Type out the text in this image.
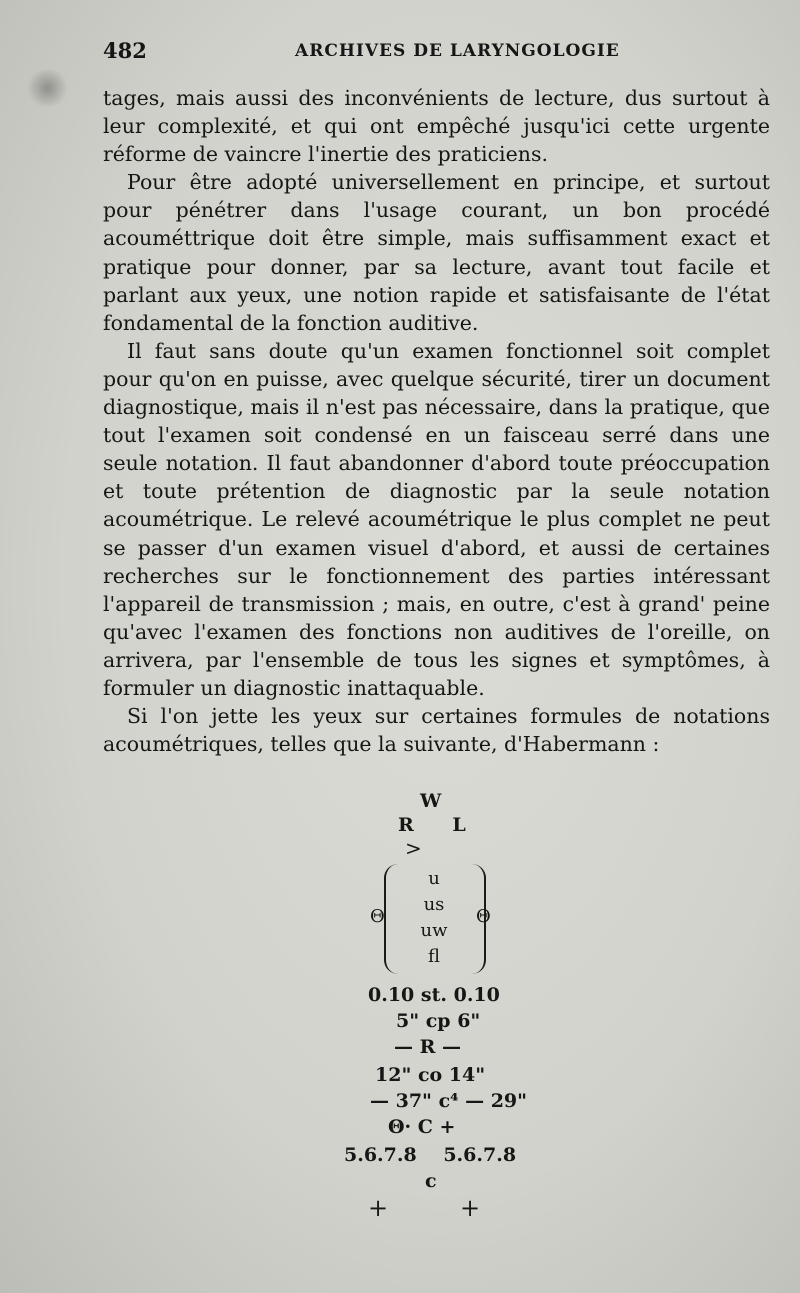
482	ARCHIVES DE LARYNGOLOGIE

tages, mais aussi des inconvénients de lecture, dus surtout à leur complexité, et qui ont empêché jusqu'ici cette urgente réforme de vaincre l'inertie des praticiens.

Pour être adopté universellement en principe, et surtout pour pénétrer dans l'usage courant, un bon procédé acouméttrique doit être simple, mais suffisamment exact et pratique pour donner, par sa lecture, avant tout facile et parlant aux yeux, une notion rapide et satisfaisante de l'état fondamental de la fonction auditive.

Il faut sans doute qu'un examen fonctionnel soit complet pour qu'on en puisse, avec quelque sécurité, tirer un document diagnostique, mais il n'est pas nécessaire, dans la pratique, que tout l'examen soit condensé en un faisceau serré dans une seule notation. Il faut abandonner d'abord toute préoccupation et toute prétention de diagnostic par la seule notation acoumétrique. Le relevé acoumétrique le plus complet ne peut se passer d'un examen visuel d'abord, et aussi de certaines recherches sur le fonctionnement des parties intéressant l'appareil de transmission ; mais, en outre, c'est à grand' peine qu'avec l'examen des fonctions non auditives de l'oreille, on arrivera, par l'ensemble de tous les signes et symptômes, à formuler un diagnostic inattaquable.

Si l'on jette les yeux sur certaines formules de notations acoumétriques, telles que la suivante, d'Habermann :

W
R L
>
Θ	Θ
u
us
uw
fl
0.10 st. 0.10
5" cp 6"
— R —
12" co 14"
— 37" c⁴ — 29"
Θ· C +
5.6.7.8 5.6.7.8
c
+	+
